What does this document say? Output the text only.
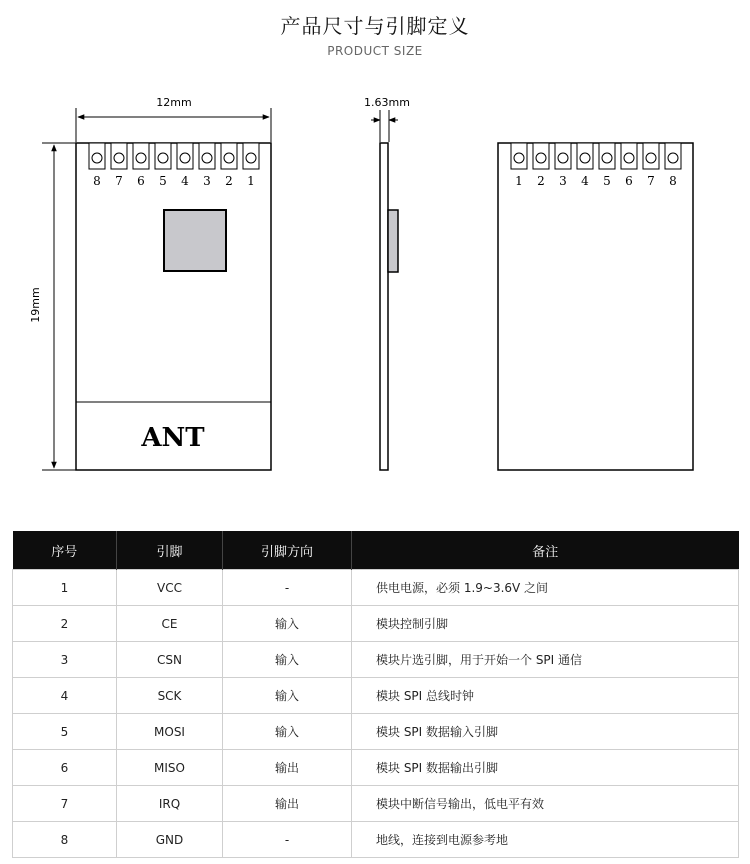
产品尺寸与引脚定义
PRODUCT SIZE
12mm
19mm
ANT
8 7 6 5 4 3 2 1
1.63mm
1 2 3 4 5 6 7 8
序号	引脚	引脚方向	备注
1	VCC	-	供电电源，必须 1.9~3.6V 之间
2	CE	输入	模块控制引脚
3	CSN	输入	模块片选引脚，用于开始一个 SPI 通信
4	SCK	输入	模块 SPI 总线时钟
5	MOSI	输入	模块 SPI 数据输入引脚
6	MISO	输出	模块 SPI 数据输出引脚
7	IRQ	输出	模块中断信号输出，低电平有效
8	GND	-	地线，连接到电源参考地
